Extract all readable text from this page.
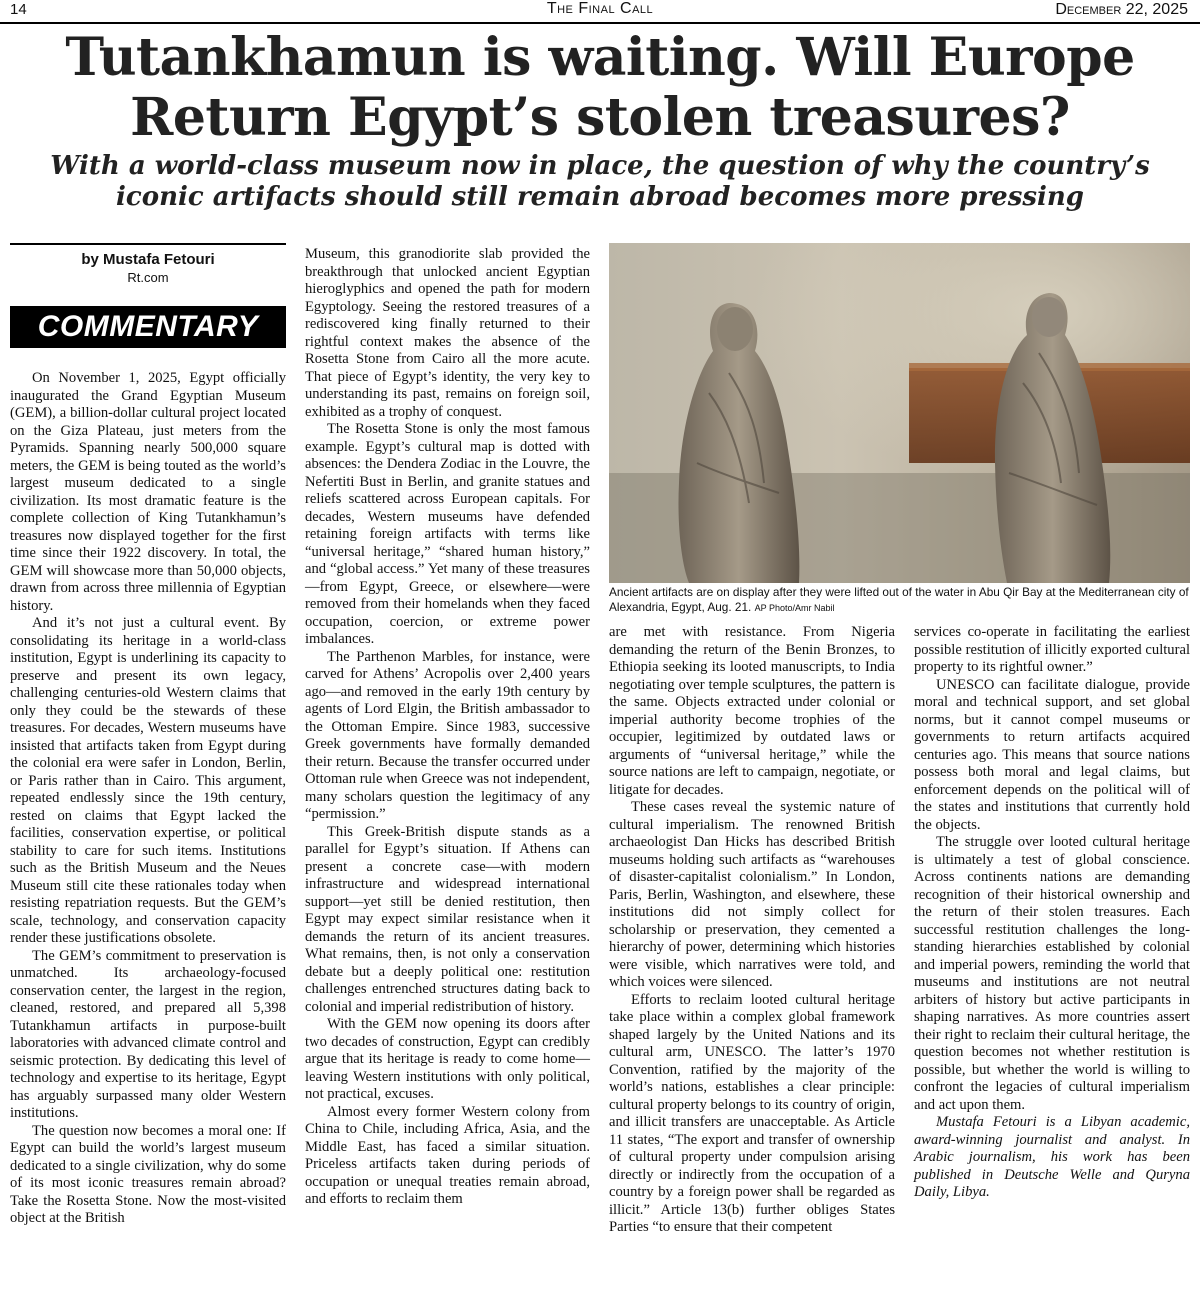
14	The Final Call	December 22, 2025
Tutankhamun is waiting. Will Europe
Return Egypt’s stolen treasures?
With a world-class museum now in place, the question of why the country’s
iconic artifacts should still remain abroad becomes more pressing
by Mustafa Fetouri
Rt.com
COMMENTARY

On November 1, 2025, Egypt officially inaugurated the Grand Egyptian Museum (GEM), a billion-dollar cultural project located on the Giza Plateau, just meters from the Pyramids. Spanning nearly 500,000 square meters, the GEM is being touted as the world’s largest museum dedicated to a single civilization. Its most dramatic feature is the complete collection of King Tutankhamun’s treasures now displayed together for the first time since their 1922 discovery. In total, the GEM will showcase more than 50,000 objects, drawn from across three millennia of Egyptian history.

And it’s not just a cultural event. By consolidating its heritage in a world-class institution, Egypt is underlining its capacity to preserve and present its own legacy, challenging centuries-old Western claims that only they could be the stewards of these treasures. For decades, Western museums have insisted that artifacts taken from Egypt during the colonial era were safer in London, Berlin, or Paris rather than in Cairo. This argument, repeated endlessly since the 19th century, rested on claims that Egypt lacked the facilities, conservation expertise, or political stability to care for such items. Institutions such as the British Museum and the Neues Museum still cite these rationales today when resisting repatriation requests. But the GEM’s scale, technology, and conservation capacity render these justifications obsolete.

The GEM’s commitment to preservation is unmatched. Its archaeology-focused conservation center, the largest in the region, cleaned, restored, and prepared all 5,398 Tutankhamun artifacts in purpose-built laboratories with advanced climate control and seismic protection. By dedicating this level of technology and expertise to its heritage, Egypt has arguably surpassed many older Western institutions.

The question now becomes a moral one: If Egypt can build the world’s largest museum dedicated to a single civilization, why do some of its most iconic treasures remain abroad? Take the Rosetta Stone. Now the most-visited object at the British

Museum, this granodiorite slab provided the breakthrough that unlocked ancient Egyptian hieroglyphics and opened the path for modern Egyptology. Seeing the restored treasures of a rediscovered king finally returned to their rightful context makes the absence of the Rosetta Stone from Cairo all the more acute. That piece of Egypt’s identity, the very key to understanding its past, remains on foreign soil, exhibited as a trophy of conquest.

The Rosetta Stone is only the most famous example. Egypt’s cultural map is dotted with absences: the Dendera Zodiac in the Louvre, the Nefertiti Bust in Berlin, and granite statues and reliefs scattered across European capitals. For decades, Western museums have defended retaining foreign artifacts with terms like “universal heritage,” “shared human history,” and “global access.” Yet many of these treasures—from Egypt, Greece, or elsewhere—were removed from their homelands when they faced occupation, coercion, or extreme power imbalances.

The Parthenon Marbles, for instance, were carved for Athens’ Acropolis over 2,400 years ago—and removed in the early 19th century by agents of Lord Elgin, the British ambassador to the Ottoman Empire. Since 1983, successive Greek governments have formally demanded their return. Because the transfer occurred under Ottoman rule when Greece was not independent, many scholars question the legitimacy of any “permission.”

This Greek-British dispute stands as a parallel for Egypt’s situation. If Athens can present a concrete case—with modern infrastructure and widespread international support—yet still be denied restitution, then Egypt may expect similar resistance when it demands the return of its ancient treasures. What remains, then, is not only a conservation debate but a deeply political one: restitution challenges entrenched structures dating back to colonial and imperial redistribution of history.

With the GEM now opening its doors after two decades of construction, Egypt can credibly argue that its heritage is ready to come home—leaving Western institutions with only political, not practical, excuses.

Almost every former Western colony from China to Chile, including Africa, Asia, and the Middle East, has faced a similar situation. Priceless artifacts taken during periods of occupation or unequal treaties remain abroad, and efforts to reclaim them

Ancient artifacts are on display after they were lifted out of the water in Abu Qir Bay at the Mediterranean city of Alexandria, Egypt, Aug. 21. AP Photo/Amr Nabil

are met with resistance. From Nigeria demanding the return of the Benin Bronzes, to Ethiopia seeking its looted manuscripts, to India negotiating over temple sculptures, the pattern is the same. Objects extracted under colonial or imperial authority become trophies of the occupier, legitimized by outdated laws or arguments of “universal heritage,” while the source nations are left to campaign, negotiate, or litigate for decades.

These cases reveal the systemic nature of cultural imperialism. The renowned British archaeologist Dan Hicks has described British museums holding such artifacts as “warehouses of disaster-capitalist colonialism.” In London, Paris, Berlin, Washington, and elsewhere, these institutions did not simply collect for scholarship or preservation, they cemented a hierarchy of power, determining which histories were visible, which narratives were told, and which voices were silenced.

Efforts to reclaim looted cultural heritage take place within a complex global framework shaped largely by the United Nations and its cultural arm, UNESCO. The latter’s 1970 Convention, ratified by the majority of the world’s nations, establishes a clear principle: cultural property belongs to its country of origin, and illicit transfers are unacceptable. As Article 11 states, “The export and transfer of ownership of cultural property under compulsion arising directly or indirectly from the occupation of a country by a foreign power shall be regarded as illicit.” Article 13(b) further obliges States Parties “to ensure that their competent

services co-operate in facilitating the earliest possible restitution of illicitly exported cultural property to its rightful owner.”

UNESCO can facilitate dialogue, provide moral and technical support, and set global norms, but it cannot compel museums or governments to return artifacts acquired centuries ago. This means that source nations possess both moral and legal claims, but enforcement depends on the political will of the states and institutions that currently hold the objects.

The struggle over looted cultural heritage is ultimately a test of global conscience. Across continents nations are demanding recognition of their historical ownership and the return of their stolen treasures. Each successful restitution challenges the long-standing hierarchies established by colonial and imperial powers, reminding the world that museums and institutions are not neutral arbiters of history but active participants in shaping narratives. As more countries assert their right to reclaim their cultural heritage, the question becomes not whether restitution is possible, but whether the world is willing to confront the legacies of cultural imperialism and act upon them.

Mustafa Fetouri is a Libyan academic, award-winning journalist and analyst. In Arabic journalism, his work has been published in Deutsche Welle and Quryna Daily, Libya.
